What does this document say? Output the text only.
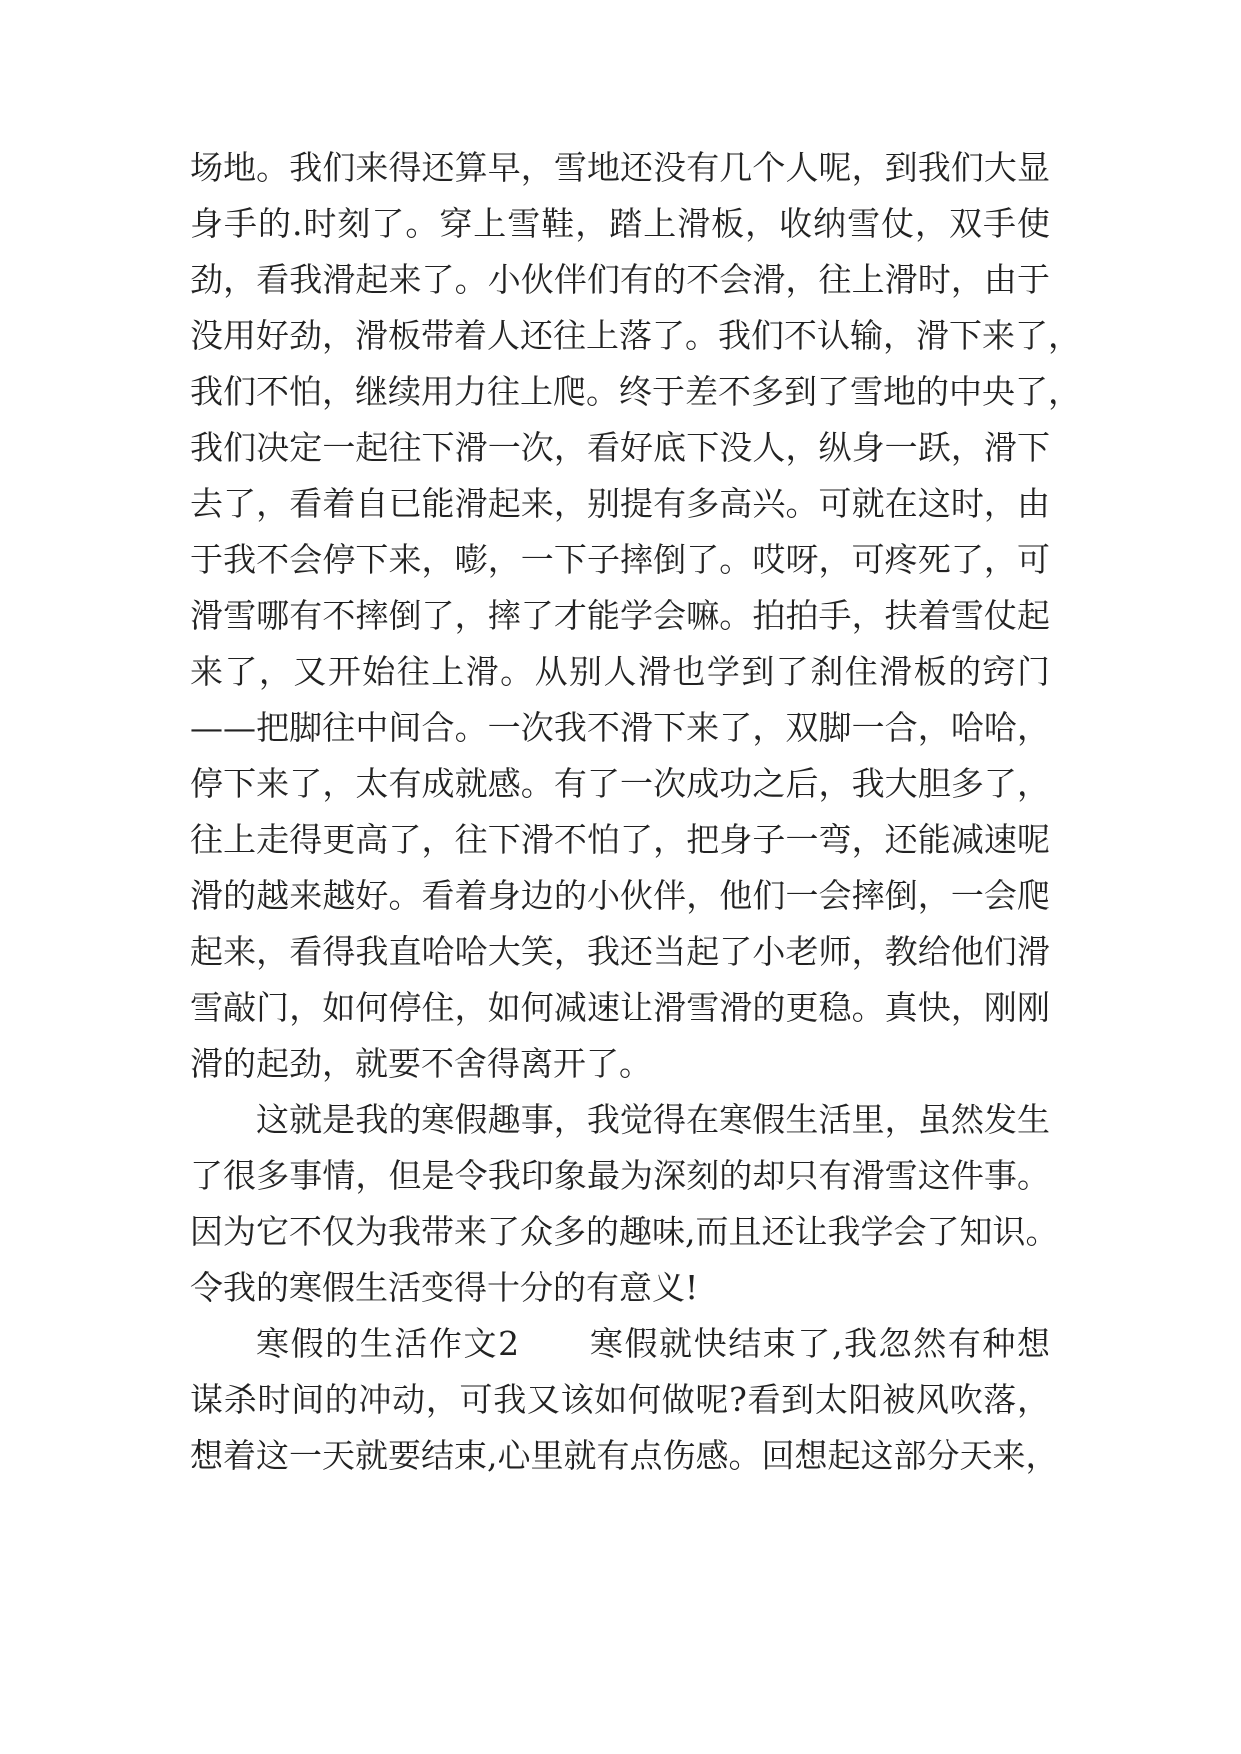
场地。我们来得还算早，雪地还没有几个人呢，到我们大显
身手的.时刻了。穿上雪鞋，踏上滑板，收纳雪仗，双手使
劲，看我滑起来了。小伙伴们有的不会滑，往上滑时，由于
没用好劲，滑板带着人还往上落了。我们不认输，滑下来了，
我们不怕，继续用力往上爬。终于差不多到了雪地的中央了，
我们决定一起往下滑一次，看好底下没人，纵身一跃，滑下
去了，看着自已能滑起来，别提有多高兴。可就在这时，由
于我不会停下来，嘭，一下子摔倒了。哎呀，可疼死了，可
滑雪哪有不摔倒了，摔了才能学会嘛。拍拍手，扶着雪仗起
来了，又开始往上滑。从别人滑也学到了刹住滑板的窍门
——把脚往中间合。一次我不滑下来了，双脚一合，哈哈，
停下来了，太有成就感。有了一次成功之后，我大胆多了，
往上走得更高了，往下滑不怕了，把身子一弯，还能减速呢
滑的越来越好。看着身边的小伙伴，他们一会摔倒，一会爬
起来，看得我直哈哈大笑，我还当起了小老师，教给他们滑
雪敲门，如何停住，如何减速让滑雪滑的更稳。真快，刚刚
滑的起劲，就要不舍得离开了。
这就是我的寒假趣事，我觉得在寒假生活里，虽然发生
了很多事情，但是令我印象最为深刻的却只有滑雪这件事。
因为它不仅为我带来了众多的趣味,而且还让我学会了知识。
令我的寒假生活变得十分的有意义!
寒假的生活作文2　　寒假就快结束了,我忽然有种想
谋杀时间的冲动，可我又该如何做呢?看到太阳被风吹落，
想着这一天就要结束,心里就有点伤感。回想起这部分天来，
